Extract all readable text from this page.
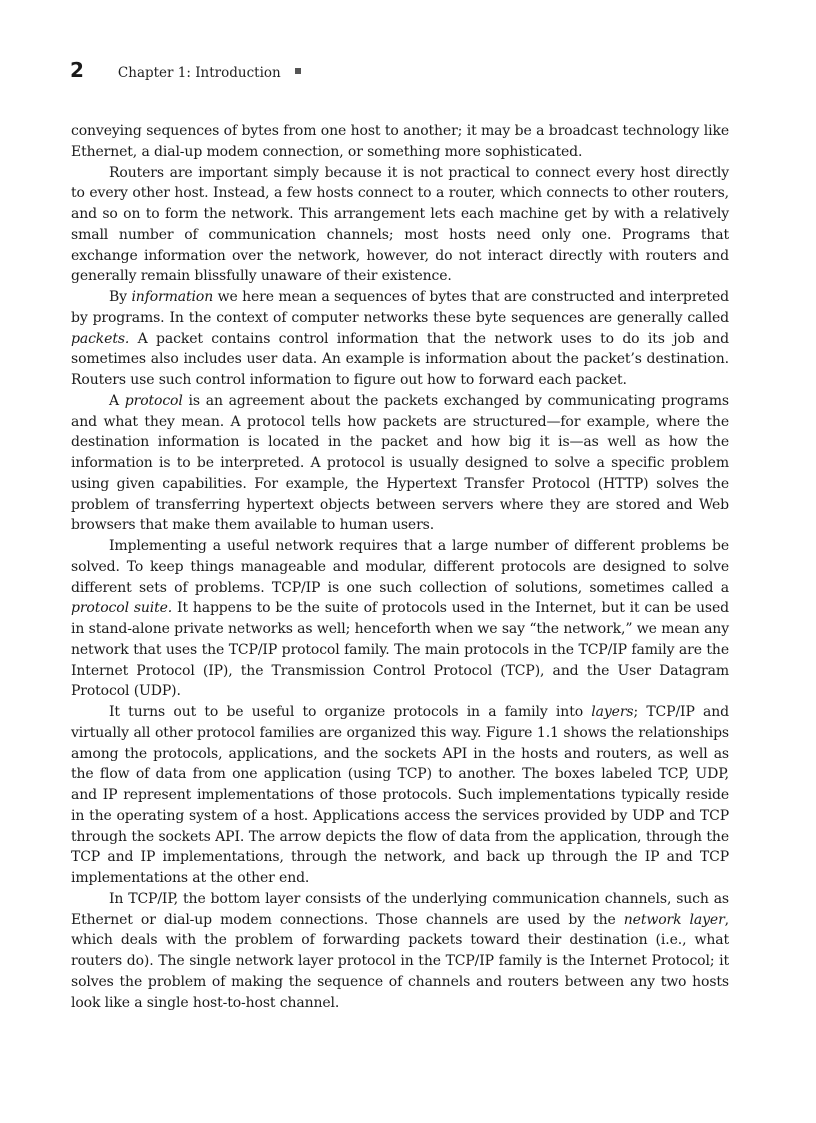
2	Chapter 1: Introduction

conveying sequences of bytes from one host to another; it may be a broadcast technology like Ethernet, a dial-up modem connection, or something more sophisticated.

Routers are important simply because it is not practical to connect every host directly to every other host. Instead, a few hosts connect to a router, which connects to other routers, and so on to form the network. This arrangement lets each machine get by with a relatively small number of communication channels; most hosts need only one. Programs that exchange information over the network, however, do not interact directly with routers and generally remain blissfully unaware of their existence.

By information we here mean a sequences of bytes that are constructed and interpreted by programs. In the context of computer networks these byte sequences are generally called packets. A packet contains control information that the network uses to do its job and sometimes also includes user data. An example is information about the packet’s destination. Routers use such control information to figure out how to forward each packet.

A protocol is an agreement about the packets exchanged by communicating programs and what they mean. A protocol tells how packets are structured—for example, where the destination information is located in the packet and how big it is—as well as how the information is to be interpreted. A protocol is usually designed to solve a specific problem using given capabilities. For example, the Hypertext Transfer Protocol (HTTP) solves the problem of transferring hypertext objects between servers where they are stored and Web browsers that make them available to human users.

Implementing a useful network requires that a large number of different problems be solved. To keep things manageable and modular, different protocols are designed to solve different sets of problems. TCP/IP is one such collection of solutions, sometimes called a protocol suite. It happens to be the suite of protocols used in the Internet, but it can be used in stand-alone private networks as well; henceforth when we say “the network,” we mean any network that uses the TCP/IP protocol family. The main protocols in the TCP/IP family are the Internet Protocol (IP), the Transmission Control Protocol (TCP), and the User Datagram Protocol (UDP).

It turns out to be useful to organize protocols in a family into layers; TCP/IP and virtually all other protocol families are organized this way. Figure 1.1 shows the relationships among the protocols, applications, and the sockets API in the hosts and routers, as well as the flow of data from one application (using TCP) to another. The boxes labeled TCP, UDP, and IP represent implementations of those protocols. Such implementations typically reside in the operating system of a host. Applications access the services provided by UDP and TCP through the sockets API. The arrow depicts the flow of data from the application, through the TCP and IP implementations, through the network, and back up through the IP and TCP implementations at the other end.

In TCP/IP, the bottom layer consists of the underlying communication channels, such as Ethernet or dial-up modem connections. Those channels are used by the network layer, which deals with the problem of forwarding packets toward their destination (i.e., what routers do). The single network layer protocol in the TCP/IP family is the Internet Protocol; it solves the problem of making the sequence of channels and routers between any two hosts look like a single host-to-host channel.
